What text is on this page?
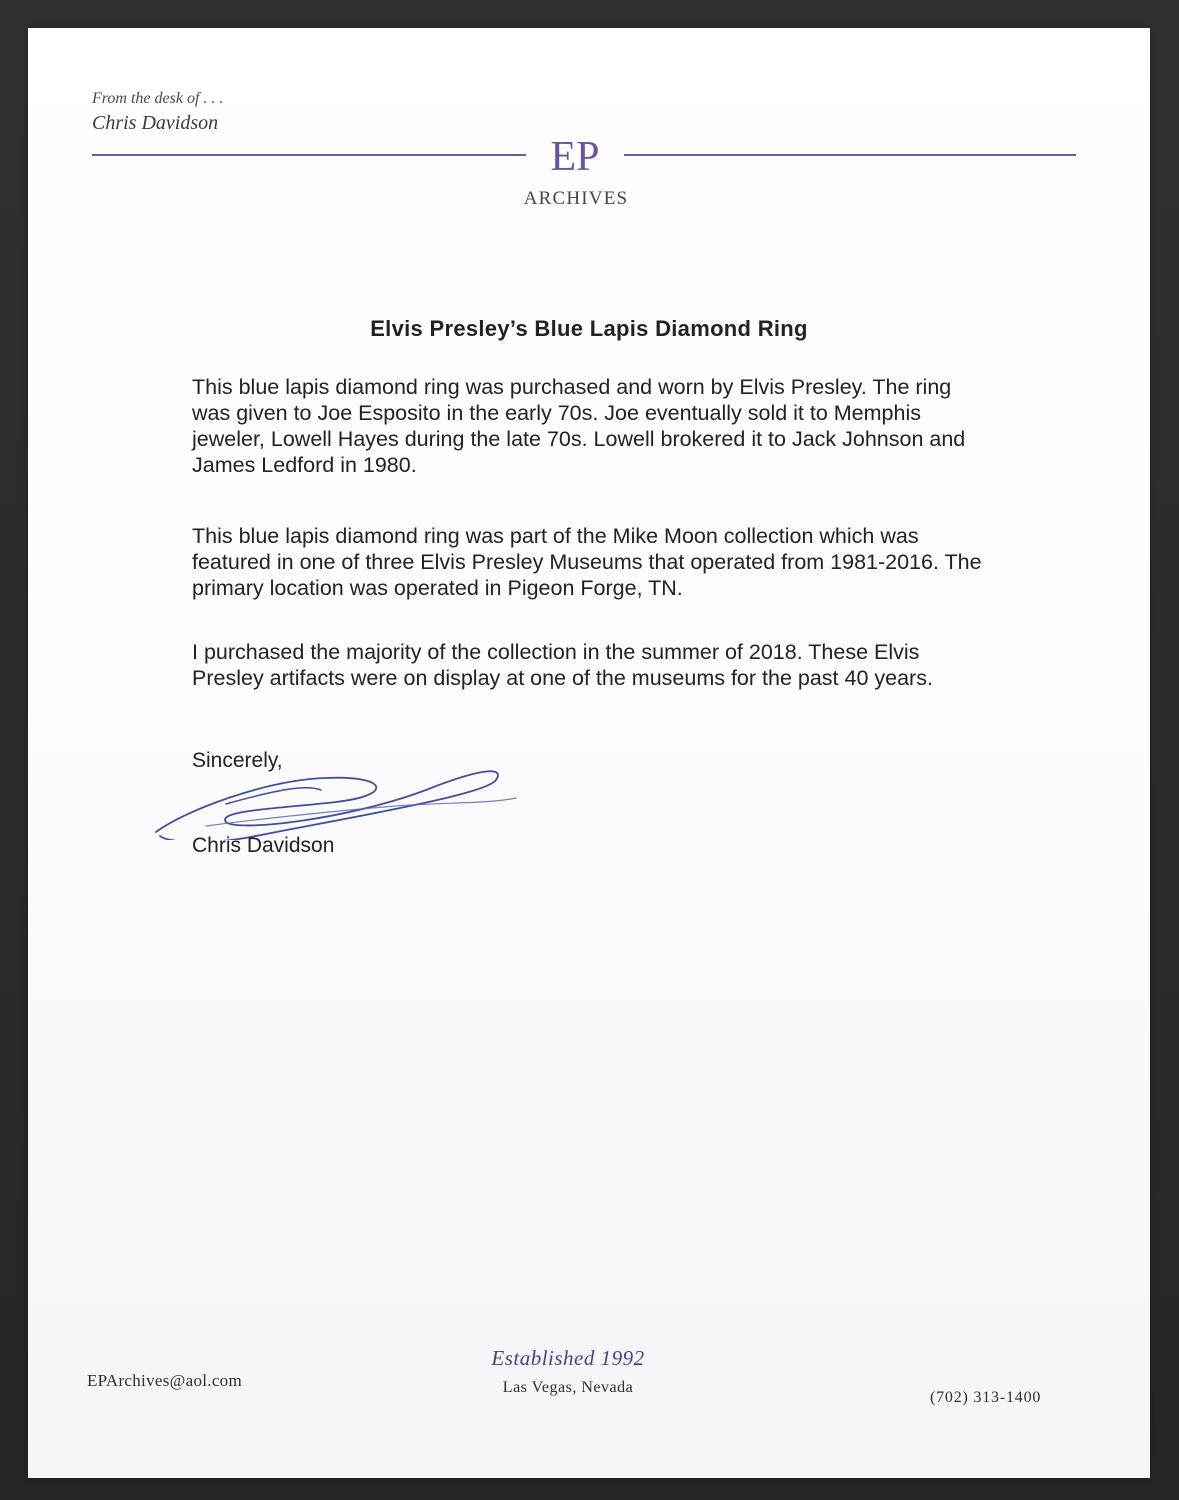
From the desk of . . .
Chris Davidson
EP
ARCHIVES
Elvis Presley’s Blue Lapis Diamond Ring

This blue lapis diamond ring was purchased and worn by Elvis Presley. The ring was given to Joe Esposito in the early 70s. Joe eventually sold it to Memphis jeweler, Lowell Hayes during the late 70s. Lowell brokered it to Jack Johnson and James Ledford in 1980.

This blue lapis diamond ring was part of the Mike Moon collection which was featured in one of three Elvis Presley Museums that operated from 1981-2016. The primary location was operated in Pigeon Forge, TN.

I purchased the majority of the collection in the summer of 2018. These Elvis Presley artifacts were on display at one of the museums for the past 40 years.

Sincerely,
Chris Davidson
Established 1992
Las Vegas, Nevada
EPArchives@aol.com
(702) 313-1400
